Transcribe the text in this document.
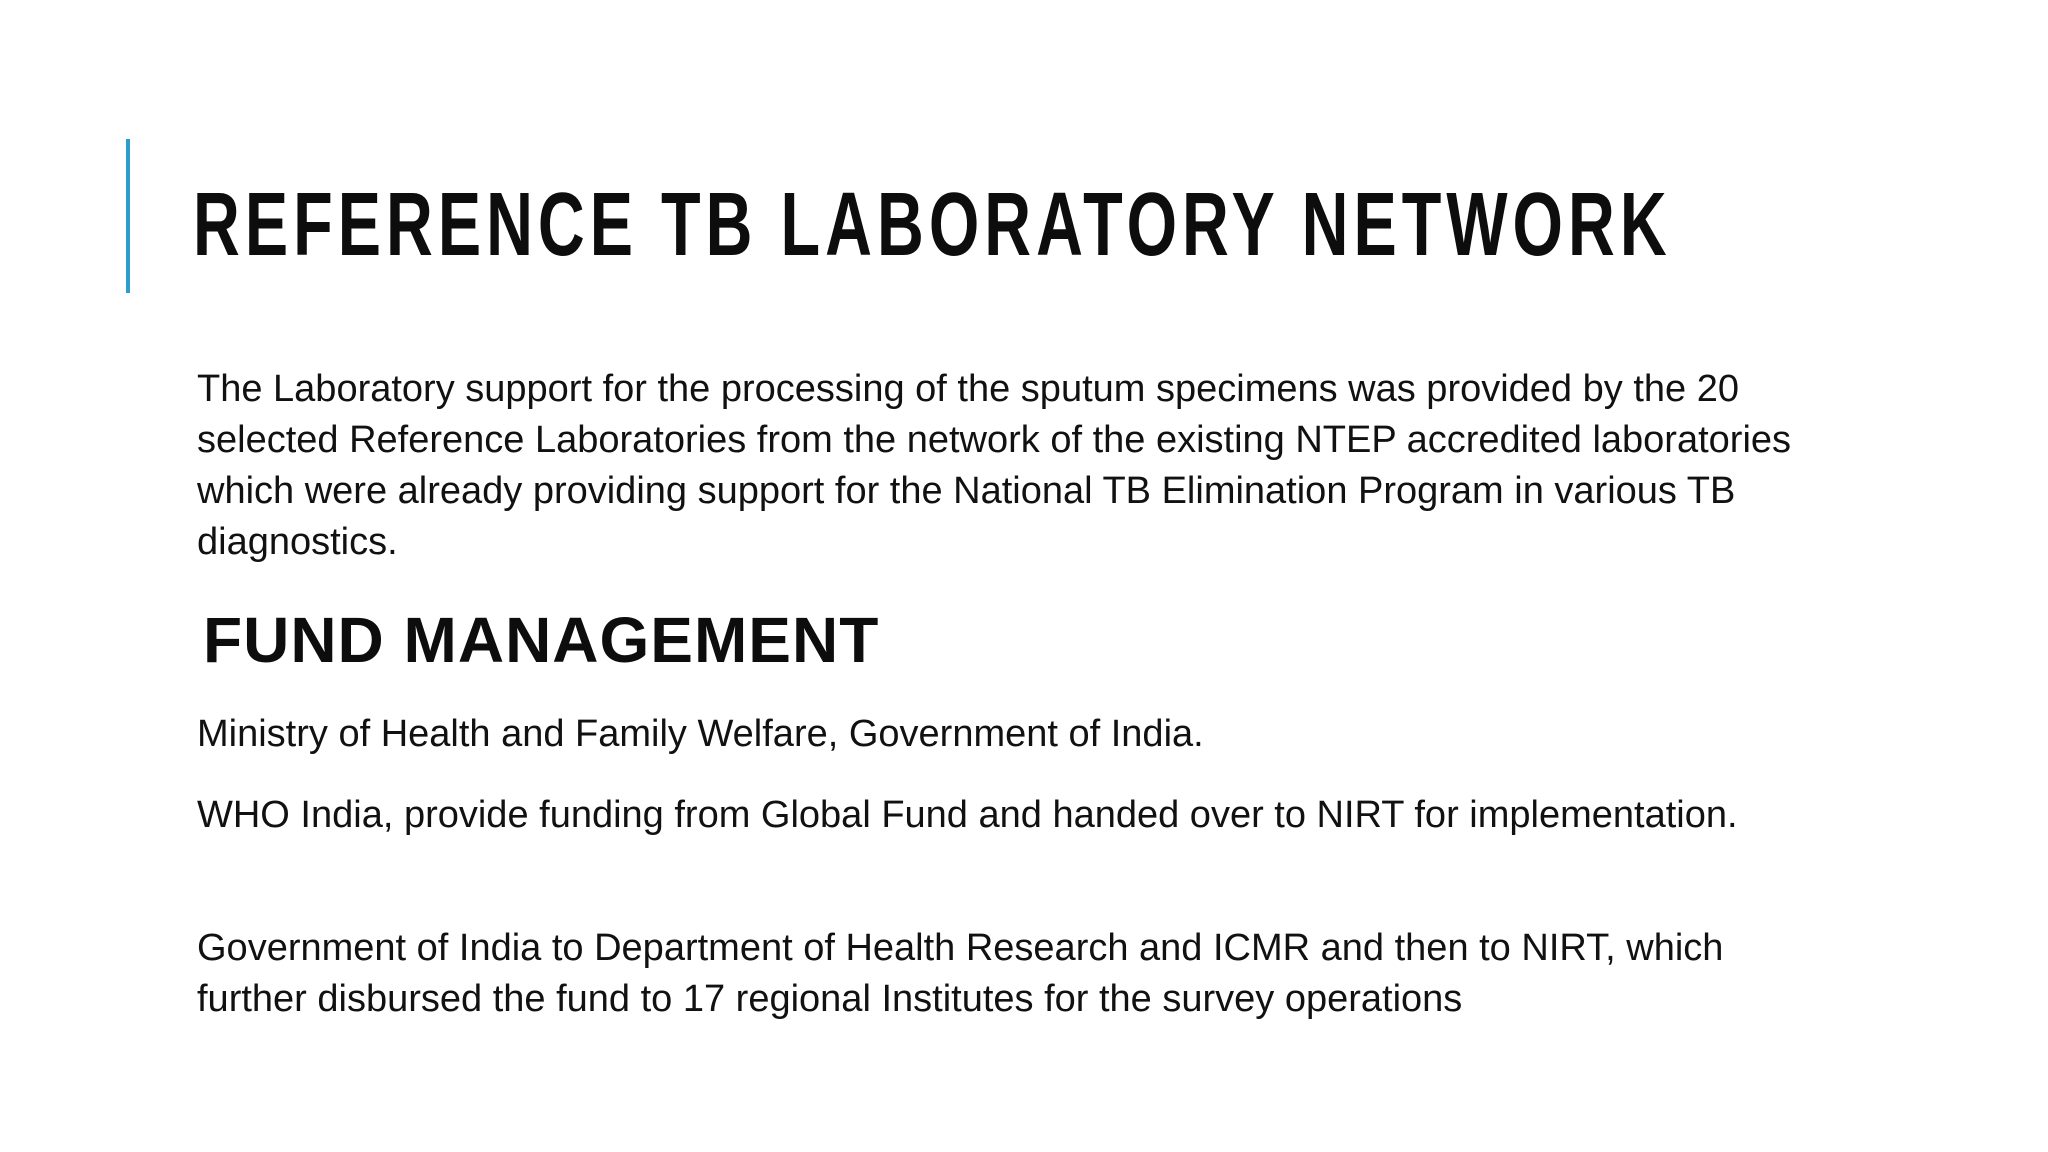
REFERENCE TB LABORATORY NETWORK

The Laboratory support for the processing of the sputum specimens was provided by the 20 selected Reference Laboratories from the network of the existing NTEP accredited laboratories which were already providing support for the National TB Elimination Program in various TB diagnostics.

FUND MANAGEMENT

Ministry of Health and Family Welfare, Government of India.

WHO India, provide funding from Global Fund and handed over to NIRT for implementation.

Government of India to Department of Health Research and ICMR and then to NIRT, which further disbursed the fund to 17 regional Institutes for the survey operations
